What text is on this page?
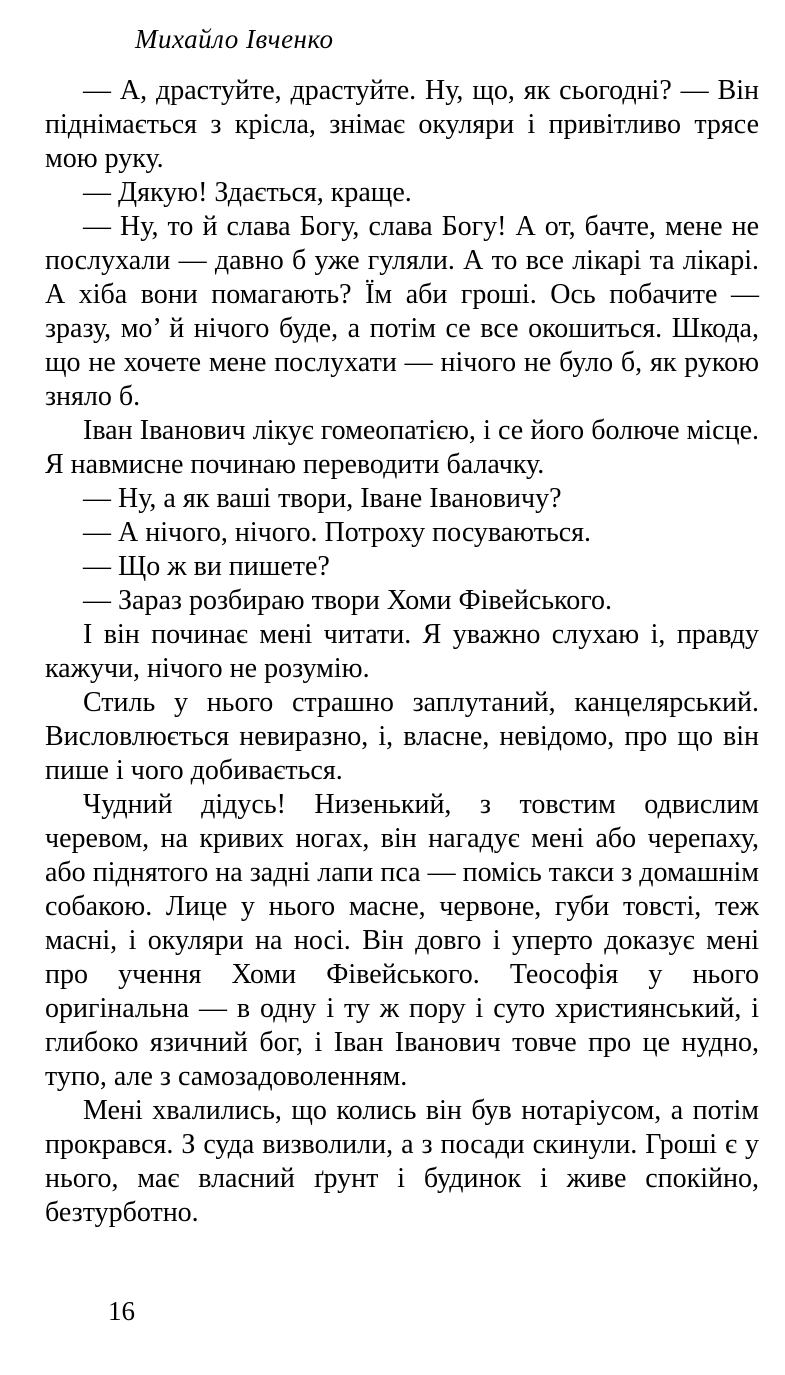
Михайло Івченко

— А, драстуйте, драстуйте. Ну, що, як сьогодні? — Він піднімається з крісла, знімає окуляри і привітливо трясе мою руку.

— Дякую! Здається, краще.

— Ну, то й слава Богу, слава Богу! А от, бачте, мене не послухали — давно б уже гуляли. А то все лікарі та лікарі. А хіба вони помагають? Їм аби гроші. Ось побачите — зразу, мо’ й нічого буде, а потім се все окошиться. Шкода, що не хочете мене послухати — нічого не було б, як рукою зняло б.

Іван Іванович лікує гомеопатією, і се його болюче місце. Я навмисне починаю переводити балачку.

— Ну, а як ваші твори, Іване Івановичу?

— А нічого, нічого. Потроху посуваються.

— Що ж ви пишете?

— Зараз розбираю твори Хоми Фівейського.

І він починає мені читати. Я уважно слухаю і, правду кажучи, нічого не розумію.

Стиль у нього страшно заплутаний, канцелярський. Висловлюється невиразно, і, власне, невідомо, про що він пише і чого добивається.

Чудний дідусь! Низенький, з товстим одвислим черевом, на кривих ногах, він нагадує мені або черепаху, або піднятого на задні лапи пса — помісь такси з домашнім собакою. Лице у нього масне, червоне, губи товсті, теж масні, і окуляри на носі. Він довго і уперто доказує мені про учення Хоми Фівейського. Теософія у нього оригінальна — в одну і ту ж пору і суто християнський, і глибоко язичний бог, і Іван Іванович товче про це нудно, тупо, але з самозадоволенням.

Мені хвалились, що колись він був нотаріусом, а потім прокрався. З суда визволили, а з посади скинули. Гроші є у нього, має власний ґрунт і будинок і живе спокійно, безтурботно.

16
